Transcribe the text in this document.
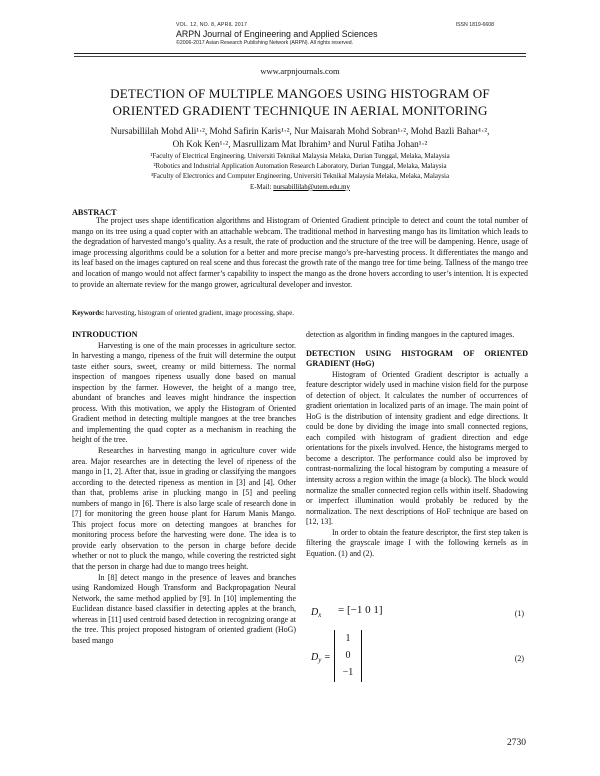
VOL. 12, NO. 8, APRIL 2017
ARPN Journal of Engineering and Applied Sciences
©2006-2017 Asian Research Publishing Network (ARPN). All rights reserved.
ISSN 1819-6608
www.arpnjournals.com
DETECTION OF MULTIPLE MANGOES USING HISTOGRAM OF
ORIENTED GRADIENT TECHNIQUE IN AERIAL MONITORING
Nursabillilah Mohd Ali¹·², Mohd Safirin Karis¹·², Nur Maisarah Mohd Sobran¹·², Mohd Bazli Bahar¹·²,
Oh Kok Ken¹·², Masrullizam Mat Ibrahim³ and Nurul Fatiha Johan¹·²
¹Faculty of Electrical Engineering, Universiti Teknikal Malaysia Melaka, Durian Tunggal, Melaka, Malaysia
²Robotics and Industrial Application Automation Research Laboratory, Durian Tunggal, Melaka, Malaysia
³Faculty of Electronics and Computer Engineering, Universiti Teknikal Malaysia Melaka, Melaka, Malaysia
E-Mail: nursabillilah@utem.edu.my
ABSTRACT
The project uses shape identification algorithms and Histogram of Oriented Gradient principle to detect and count the total number of mango on its tree using a quad copter with an attachable webcam. The traditional method in harvesting mango has its limitation which leads to the degradation of harvested mango’s quality. As a result, the rate of production and the structure of the tree will be dampening. Hence, usage of image processing algorithms could be a solution for a better and more precise mango’s pre-harvesting process. It differentiates the mango and its leaf based on the images captured on real scene and thus forecast the growth rate of the mango tree for time being. Tallness of the mango tree and location of mango would not affect farmer’s capability to inspect the mango as the drone hovers according to user’s intention. It is expected to provide an alternate review for the mango grower, agricultural developer and investor.
Keywords: harvesting, histogram of oriented gradient, image processing, shape.

INTRODUCTION

Harvesting is one of the main processes in agriculture sector. In harvesting a mango, ripeness of the fruit will determine the output taste either sours, sweet, creamy or mild bitterness. The normal inspection of mangoes ripeness usually done based on manual inspection by the farmer. However, the height of a mango tree, abundant of branches and leaves might hindrance the inspection process. With this motivation, we apply the Histogram of Oriented Gradient method in detecting multiple mangoes at the tree branches and implementing the quad copter as a mechanism in reaching the height of the tree.

Researches in harvesting mango in agriculture cover wide area. Major researches are in detecting the level of ripeness of the mango in [1, 2]. After that, issue in grading or classifying the mangoes according to the detected ripeness as mention in [3] and [4]. Other than that, problems arise in plucking mango in [5] and peeling numbers of mango in [6]. There is also large scale of research done in [7] for monitoring the green house plant for Harum Manis Mango. This project focus more on detecting mangoes at branches for monitoring process before the harvesting were done. The idea is to provide early observation to the person in charge before decide whether or not to pluck the mango, while covering the restricted sight that the person in charge had due to mango trees height.

In [8] detect mango in the presence of leaves and branches using Randomized Hough Transform and Backpropagation Neural Network, the same method applied by [9]. In [10] implementing the Euclidean distance based classifier in detecting apples at the branch, whereas in [11] used centroid based detection in recognizing orange at the tree. This project proposed histogram of oriented gradient (HoG) based mango

detection as algorithm in finding mangoes in the captured images.

DETECTION USING HISTOGRAM OF ORIENTED GRADIENT (HoG)

Histogram of Oriented Gradient descriptor is actually a feature descriptor widely used in machine vision field for the purpose of detection of object. It calculates the number of occurrences of gradient orientation in localized parts of an image. The main point of HoG is the distribution of intensity gradient and edge directions. It could be done by dividing the image into small connected regions, each compiled with histogram of gradient direction and edge orientations for the pixels involved. Hence, the histograms merged to become a descriptor. The performance could also be improved by contrast-normalizing the local histogram by computing a measure of intensity across a region within the image (a block). The block would normalize the smaller connected region cells within itself. Shadowing or imperfect illumination would probably be reduced by the normalization. The next descriptions of HoF technique are based on [12, 13].

In order to obtain the feature descriptor, the first step taken is filtering the grayscale image I with the following kernels as in Equation. (1) and (2).

$D_x = [-1$ 0 1]	(1)
$D_y$ =
1
0
−1
(2)
2730
